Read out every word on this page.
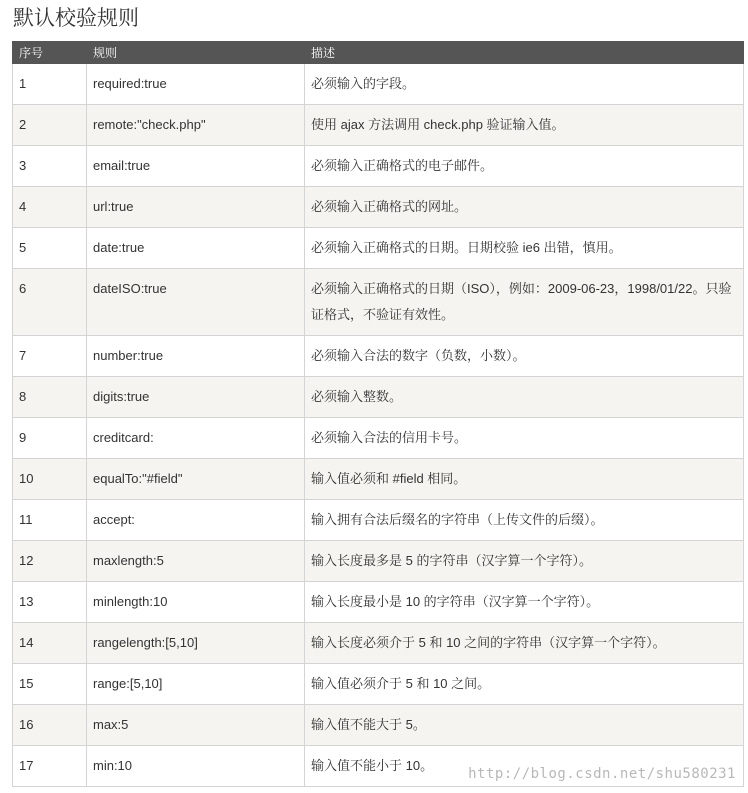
默认校验规则
序号	规则	描述

1	required:true	必须输入的字段。

2	remote:"check.php"	使用 ajax 方法调用 check.php 验证输入值。

3	email:true	必须输入正确格式的电子邮件。

4	url:true	必须输入正确格式的网址。

5	date:true	必须输入正确格式的日期。日期校验 ie6 出错，慎用。

6	dateISO:true	必须输入正确格式的日期（ISO），例如：2009-06-23，1998/01/22。只验证格式，不验证有效性。

7	number:true	必须输入合法的数字（负数，小数）。

8	digits:true	必须输入整数。

9	creditcard:	必须输入合法的信用卡号。

10	equalTo:"#field"	输入值必须和 #field 相同。

11	accept:	输入拥有合法后缀名的字符串（上传文件的后缀）。

12	maxlength:5	输入长度最多是 5 的字符串（汉字算一个字符）。

13	minlength:10	输入长度最小是 10 的字符串（汉字算一个字符）。

14	rangelength:[5,10]	输入长度必须介于 5 和 10 之间的字符串（汉字算一个字符）。

15	range:[5,10]	输入值必须介于 5 和 10 之间。

16	max:5	输入值不能大于 5。

17	min:10	输入值不能小于 10。
http://blog.csdn.net/shu580231
